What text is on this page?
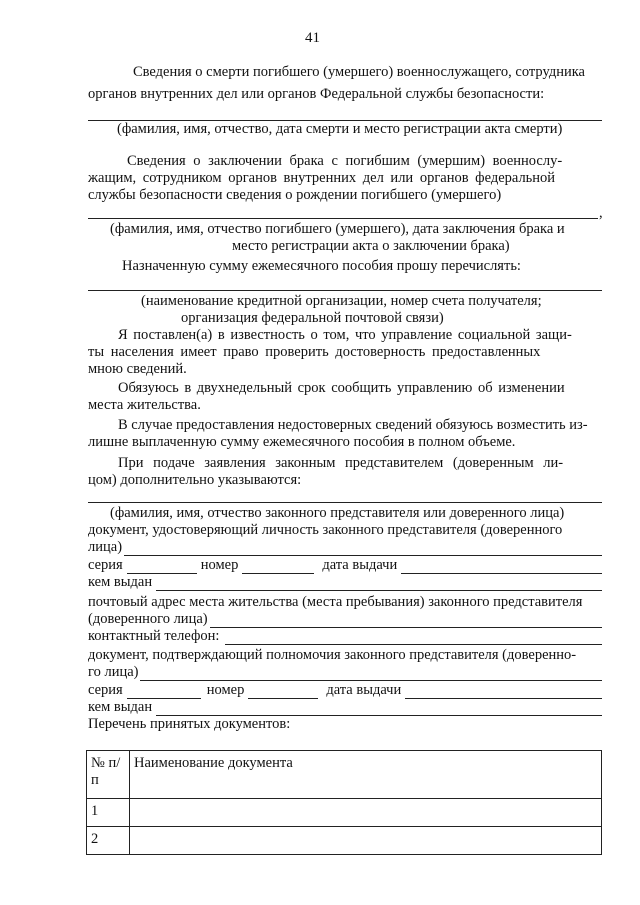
41
Сведения о смерти погибшего (умершего) военнослужащего, сотрудника
органов внутренних дел или органов Федеральной службы безопасности:
(фамилия, имя, отчество, дата смерти и место регистрации акта смерти)
Сведения о заключении брака с погибшим (умершим) военнослу-
жащим, сотрудником органов внутренних дел или органов федеральной
службы безопасности сведения о рождении погибшего (умершего)
,
(фамилия, имя, отчество погибшего (умершего), дата заключения брака и
место регистрации акта о заключении брака)
Назначенную сумму ежемесячного пособия прошу перечислять:
(наименование кредитной организации, номер счета получателя;
организация федеральной почтовой связи)
Я поставлен(а) в известность о том, что управление социальной защи-
ты населения имеет право проверить достоверность предоставленных
мною сведений.
Обязуюсь в двухнедельный срок сообщить управлению об изменении
места жительства.
В случае предоставления недостоверных сведений обязуюсь возместить из-
лишне выплаченную сумму ежемесячного пособия в полном объеме.
При подаче заявления законным представителем (доверенным ли-
цом) дополнительно указываются:
(фамилия, имя, отчество законного представителя или доверенного лица)
документ, удостоверяющий личность законного представителя (доверенного
лица)
серия	номер	дата выдачи
кем выдан
почтовый адрес места жительства (места пребывания) законного представителя
(доверенного лица)
контактный телефон:
документ, подтверждающий полномочия законного представителя (доверенно-
го лица)
серия	номер	дата выдачи
кем выдан
Перечень принятых документов:
№ п/п	Наименование документа
1	
2	
